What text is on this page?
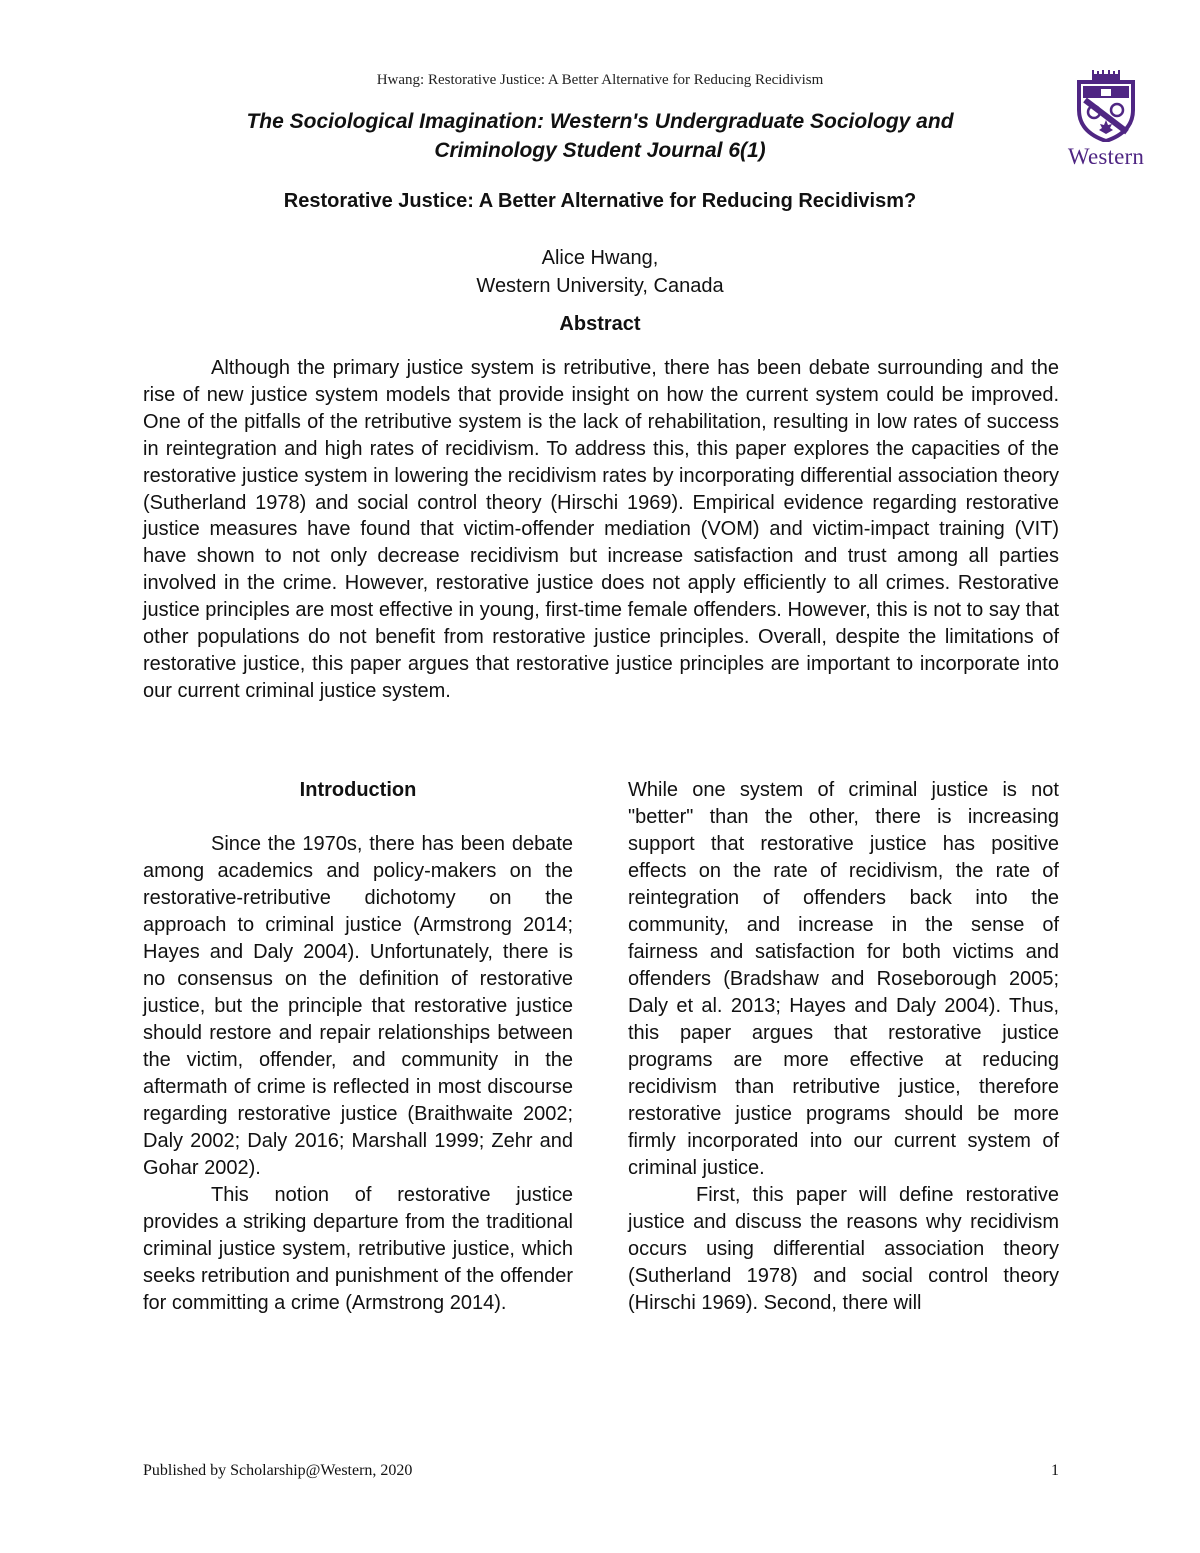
Hwang: Restorative Justice: A Better Alternative for Reducing Recidivism
Western
The Sociological Imagination: Western's Undergraduate Sociology and
Criminology Student Journal 6(1)
Restorative Justice: A Better Alternative for Reducing Recidivism?
Alice Hwang,
Western University, Canada
Abstract

Although the primary justice system is retributive, there has been debate surrounding and the rise of new justice system models that provide insight on how the current system could be improved. One of the pitfalls of the retributive system is the lack of rehabilitation, resulting in low rates of success in reintegration and high rates of recidivism. To address this, this paper explores the capacities of the restorative justice system in lowering the recidivism rates by incorporating differential association theory (Sutherland 1978) and social control theory (Hirschi 1969). Empirical evidence regarding restorative justice measures have found that victim-offender mediation (VOM) and victim-impact training (VIT) have shown to not only decrease recidivism but increase satisfaction and trust among all parties involved in the crime. However, restorative justice does not apply efficiently to all crimes. Restorative justice principles are most effective in young, first-time female offenders. However, this is not to say that other populations do not benefit from restorative justice principles. Overall, despite the limitations of restorative justice, this paper argues that restorative justice principles are important to incorporate into our current criminal justice system.

Introduction

Since the 1970s, there has been debate among academics and policy-makers on the restorative-retributive dichotomy on the approach to criminal justice (Armstrong 2014; Hayes and Daly 2004). Unfortunately, there is no consensus on the definition of restorative justice, but the principle that restorative justice should restore and repair relationships between the victim, offender, and community in the aftermath of crime is reflected in most discourse regarding restorative justice (Braithwaite 2002; Daly 2002; Daly 2016; Marshall 1999; Zehr and Gohar 2002).

This notion of restorative justice provides a striking departure from the traditional criminal justice system, retributive justice, which seeks retribution and punishment of the offender for committing a crime (Armstrong 2014).

While one system of criminal justice is not "better" than the other, there is increasing support that restorative justice has positive effects on the rate of recidivism, the rate of reintegration of offenders back into the community, and increase in the sense of fairness and satisfaction for both victims and offenders (Bradshaw and Roseborough 2005; Daly et al. 2013; Hayes and Daly 2004). Thus, this paper argues that restorative justice programs are more effective at reducing recidivism than retributive justice, therefore restorative justice programs should be more firmly incorporated into our current system of criminal justice.

First, this paper will define restorative justice and discuss the reasons why recidivism occurs using differential association theory (Sutherland 1978) and social control theory (Hirschi 1969). Second, there will

Published by Scholarship@Western, 2020	1
